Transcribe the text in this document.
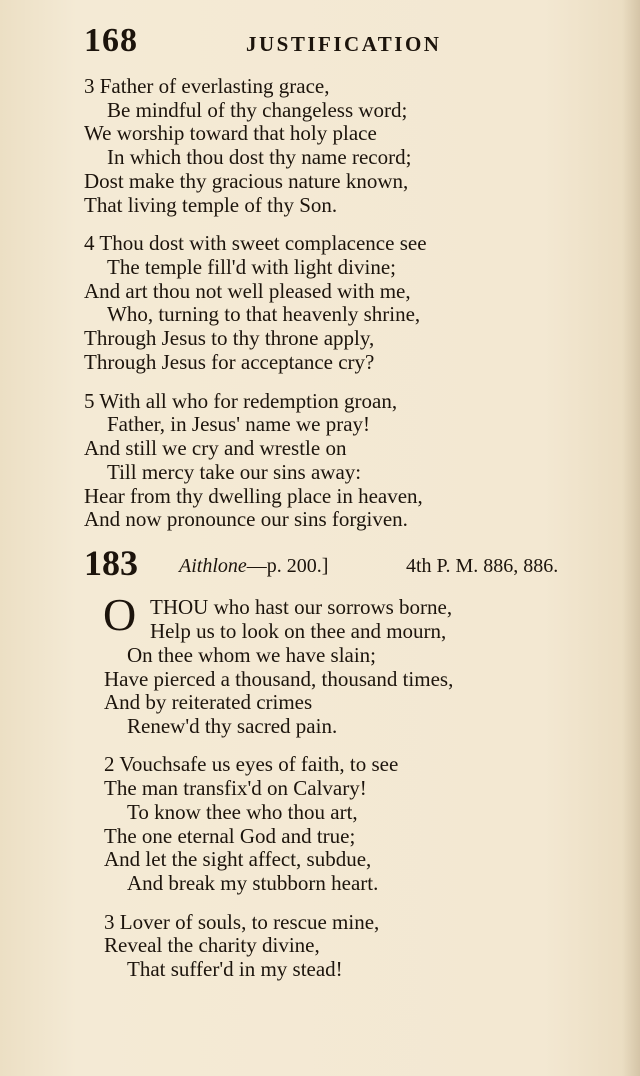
168	JUSTIFICATION
3 Father of everlasting grace,
Be mindful of thy changeless word;
We worship toward that holy place
In which thou dost thy name record;
Dost make thy gracious nature known,
That living temple of thy Son.
4 Thou dost with sweet complacence see
The temple fill'd with light divine;
And art thou not well pleased with me,
Who, turning to that heavenly shrine,
Through Jesus to thy throne apply,
Through Jesus for acceptance cry?
5 With all who for redemption groan,
Father, in Jesus' name we pray!
And still we cry and wrestle on
Till mercy take our sins away:
Hear from thy dwelling place in heaven,
And now pronounce our sins forgiven.
183 Aithlone—p. 200.]	4th P. M. 886, 886.
O THOU who hast our sorrows borne,
Help us to look on thee and mourn,
On thee whom we have slain;
Have pierced a thousand, thousand times,
And by reiterated crimes
Renew'd thy sacred pain.
2 Vouchsafe us eyes of faith, to see
The man transfix'd on Calvary!
To know thee who thou art,
The one eternal God and true;
And let the sight affect, subdue,
And break my stubborn heart.
3 Lover of souls, to rescue mine,
Reveal the charity divine,
That suffer'd in my stead!
